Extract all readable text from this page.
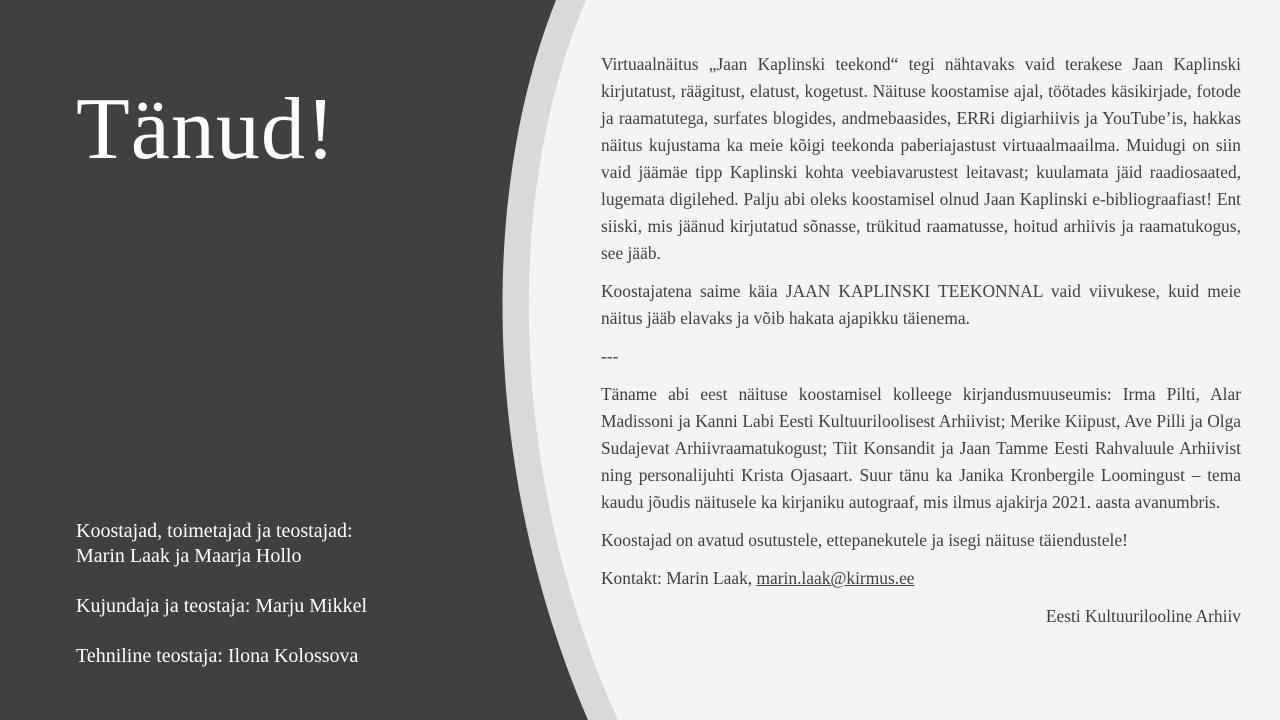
Tänud!
Koostajad, toimetajad ja teostajad:
Marin Laak ja Maarja Hollo
Kujundaja ja teostaja: Marju Mikkel
Tehniline teostaja: Ilona Kolossova

Virtuaalnäitus „Jaan Kaplinski teekond“ tegi nähtavaks vaid terakese Jaan Kaplinski kirjutatust, räägitust, elatust, kogetust. Näituse koostamise ajal, töötades käsikirjade, fotode ja raamatutega, surfates blogides, andmebaasides, ERRi digiarhiivis ja YouTube’is, hakkas näitus kujustama ka meie kõigi teekonda paberiajastust virtuaalmaailma. Muidugi on siin vaid jäämäe tipp Kaplinski kohta veebiavarustest leitavast; kuulamata jäid raadiosaated, lugemata digilehed. Palju abi oleks koostamisel olnud Jaan Kaplinski e-bibliograafiast! Ent siiski, mis jäänud kirjutatud sõnasse, trükitud raamatusse, hoitud arhiivis ja raamatukogus, see jääb.

Koostajatena saime käia JAAN KAPLINSKI TEEKONNAL vaid viivukese, kuid meie näitus jääb elavaks ja võib hakata ajapikku täienema.

---

Täname abi eest näituse koostamisel kolleege kirjandusmuuseumis: Irma Pilti, Alar Madissoni ja Kanni Labi Eesti Kultuuriloolisest Arhiivist; Merike Kiipust, Ave Pilli ja Olga Sudajevat Arhiivraamatukogust; Tiit Konsandit ja Jaan Tamme Eesti Rahvaluule Arhiivist ning personalijuhti Krista Ojasaart. Suur tänu ka Janika Kronbergile Loomingust – tema kaudu jõudis näitusele ka kirjaniku autograaf, mis ilmus ajakirja 2021. aasta avanumbris.

Koostajad on avatud osutustele, ettepanekutele ja isegi näituse täiendustele!

Kontakt: Marin Laak, marin.laak@kirmus.ee

Eesti Kultuurilooline Arhiiv
